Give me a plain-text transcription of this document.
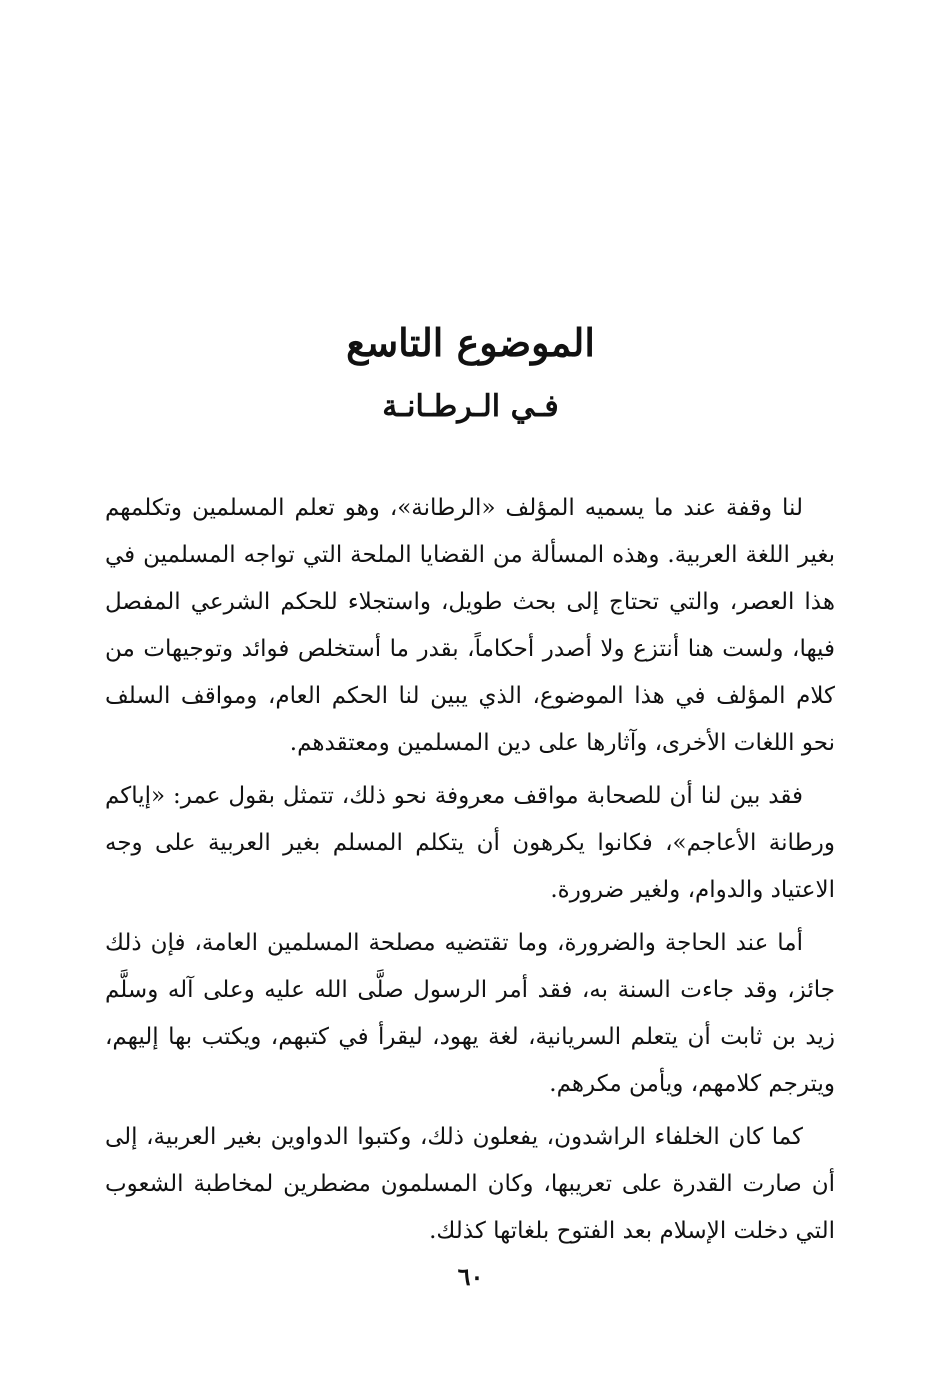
الموضوع التاسع
فـي الـرطـانـة

لنا وقفة عند ما يسميه المؤلف «الرطانة»، وهو تعلم المسلمين وتكلمهم بغير اللغة العربية. وهذه المسألة من القضايا الملحة التي تواجه المسلمين في هذا العصر، والتي تحتاج إلى بحث طويل، واستجلاء للحكم الشرعي المفصل فيها، ولست هنا أنتزع ولا أصدر أحكاماً، بقدر ما أستخلص فوائد وتوجيهات من كلام المؤلف في هذا الموضوع، الذي يبين لنا الحكم العام، ومواقف السلف نحو اللغات الأخرى، وآثارها على دين المسلمين ومعتقدهم.

فقد بين لنا أن للصحابة مواقف معروفة نحو ذلك، تتمثل بقول عمر: «إياكم ورطانة الأعاجم»، فكانوا يكرهون أن يتكلم المسلم بغير العربية على وجه الاعتياد والدوام، ولغير ضرورة.

أما عند الحاجة والضرورة، وما تقتضيه مصلحة المسلمين العامة، فإن ذلك جائز، وقد جاءت السنة به، فقد أمر الرسول صلَّى الله عليه وعلى آله وسلَّم زيد بن ثابت أن يتعلم السريانية، لغة يهود، ليقرأ في كتبهم، ويكتب بها إليهم، ويترجم كلامهم، ويأمن مكرهم.

كما كان الخلفاء الراشدون، يفعلون ذلك، وكتبوا الدواوين بغير العربية، إلى أن صارت القدرة على تعريبها، وكان المسلمون مضطرين لمخاطبة الشعوب التي دخلت الإسلام بعد الفتوح بلغاتها كذلك.

٦٠
